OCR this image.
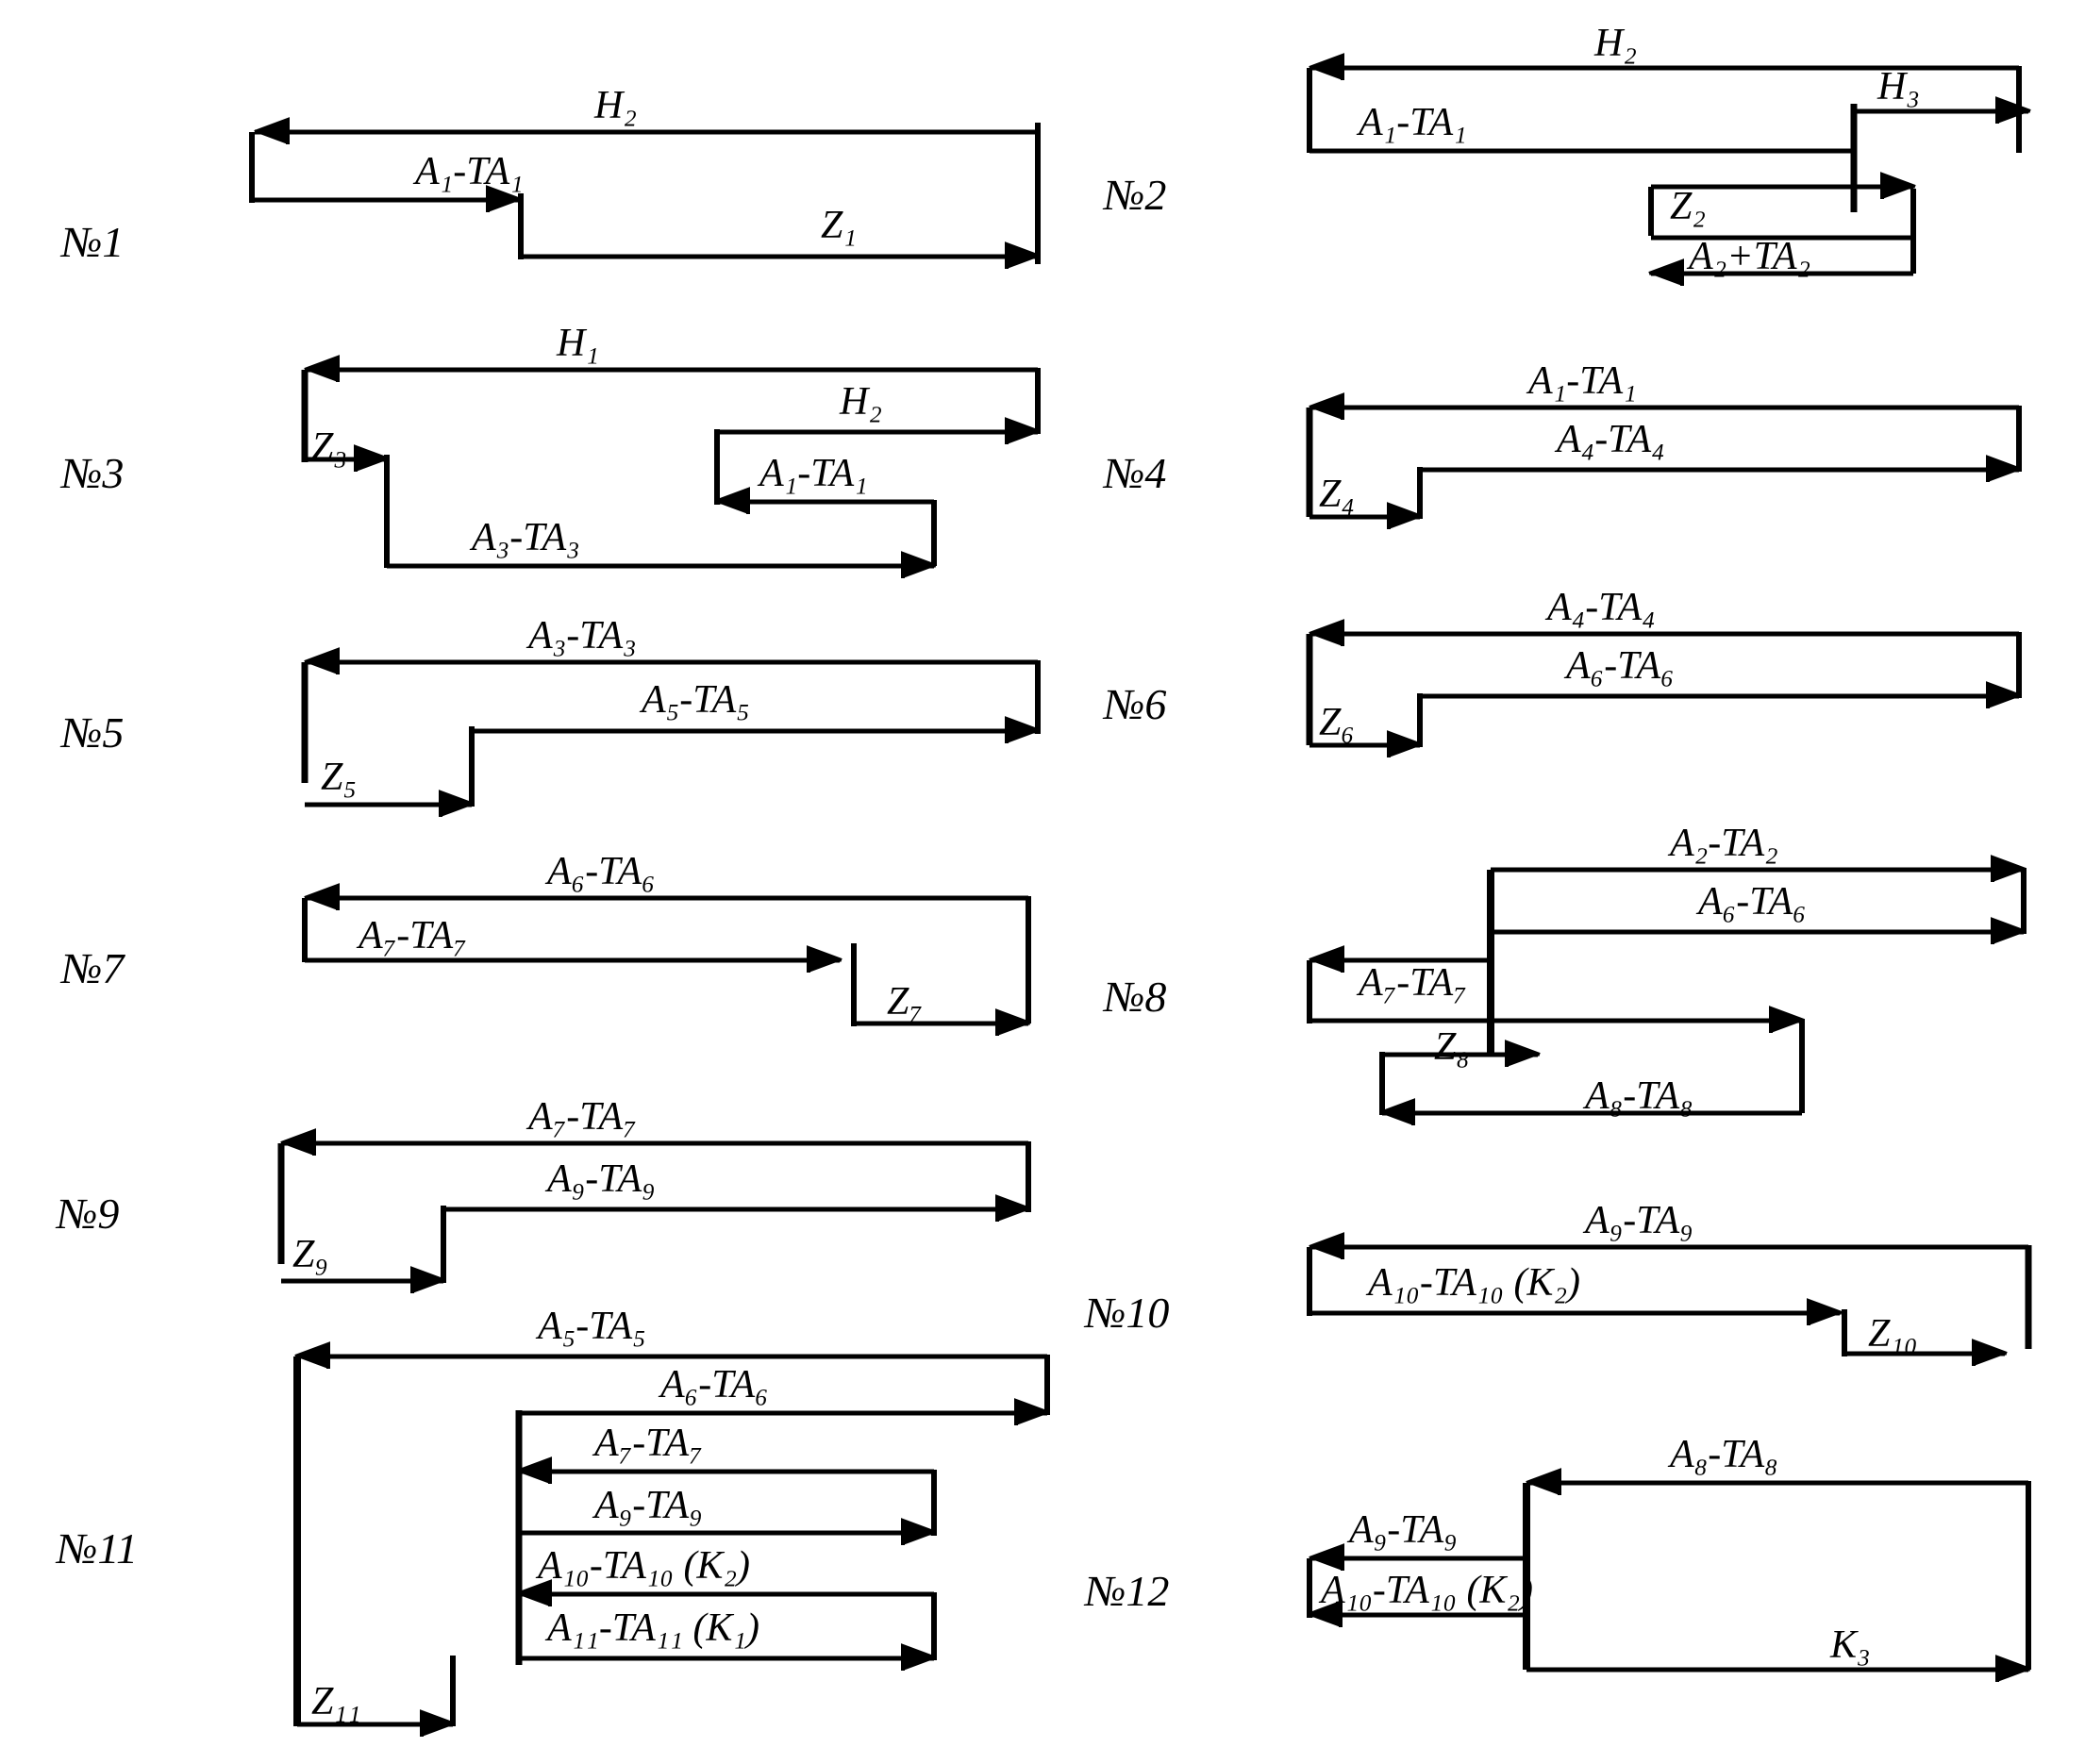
№1
H₂
A₁-TA₁
Z₁
№2
H₂
H₃
A₁-TA₁
Z₂
A₂+TA₂
№3
H₁
H₂
Z₃
A₁-TA₁
A₃-TA₃
№4
A₁-TA₁
A₄-TA₄
Z₄
№5
A₃-TA₃
A₅-TA₅
Z₅
№6
A₄-TA₄
A₆-TA₆
Z₆
№7
A₆-TA₆
A₇-TA₇
Z₇	№8
A₂-TA₂
A₆-TA₆
A₇-TA₇
Z₈
A₈-TA₈
№9
A₇-TA₇
A₉-TA₉
Z₉
№10
A₉-TA₉
A₁₀-TA₁₀ (K₂)
Z₁₀
№11
A₅-TA₅
A₆-TA₆
A₇-TA₇
A₉-TA₉
A₁₀-TA₁₀ (K₂)
A₁₁-TA₁₁ (K₁)
Z₁₁
№12
A₈-TA₈
A₉-TA₉
A₁₀-TA₁₀ (K₂)
K₃
